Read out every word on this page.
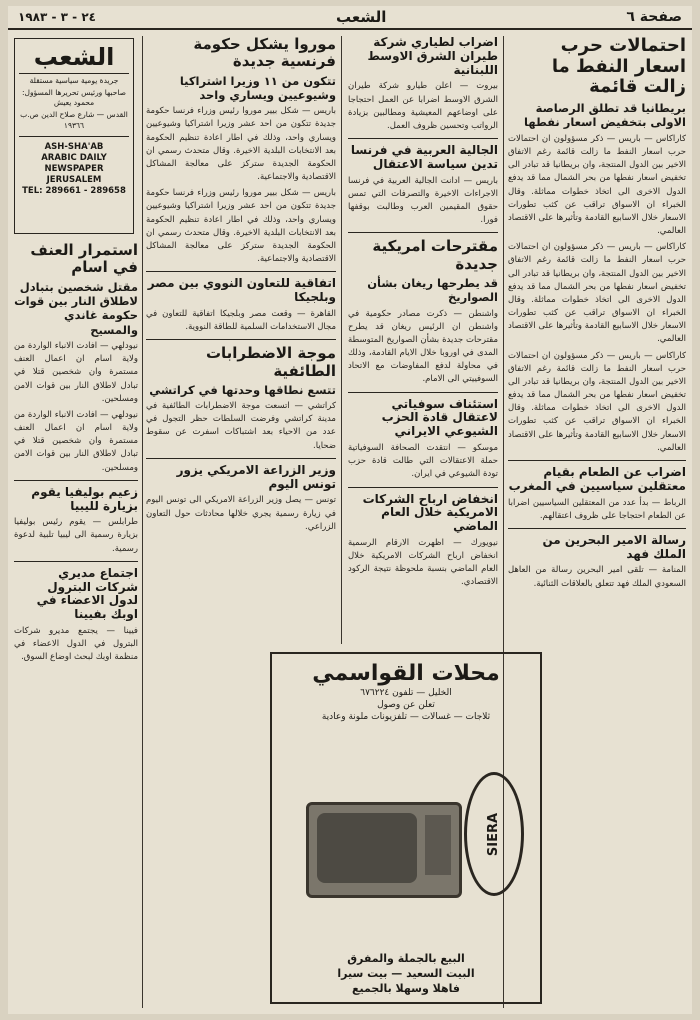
صفحة ٦
الشعب
٢٤ - ٣ - ١٩٨٣
احتمالات حرب اسعار النفط ما زالت قائمة

بريطانيا قد تطلق الرصاصة الاولى بتخفيض اسعار نفطها

كاراكاس — باريس — ذكر مسؤولون ان احتمالات حرب اسعار النفط ما زالت قائمة رغم الاتفاق الاخير بين الدول المنتجة، وان بريطانيا قد تبادر الى تخفيض اسعار نفطها من بحر الشمال مما قد يدفع الدول الاخرى الى اتخاذ خطوات مماثلة. وقال الخبراء ان الاسواق تراقب عن كثب تطورات الاسعار خلال الاسابيع القادمة وتأثيرها على الاقتصاد العالمي.

كاراكاس — باريس — ذكر مسؤولون ان احتمالات حرب اسعار النفط ما زالت قائمة رغم الاتفاق الاخير بين الدول المنتجة، وان بريطانيا قد تبادر الى تخفيض اسعار نفطها من بحر الشمال مما قد يدفع الدول الاخرى الى اتخاذ خطوات مماثلة. وقال الخبراء ان الاسواق تراقب عن كثب تطورات الاسعار خلال الاسابيع القادمة وتأثيرها على الاقتصاد العالمي.

كاراكاس — باريس — ذكر مسؤولون ان احتمالات حرب اسعار النفط ما زالت قائمة رغم الاتفاق الاخير بين الدول المنتجة، وان بريطانيا قد تبادر الى تخفيض اسعار نفطها من بحر الشمال مما قد يدفع الدول الاخرى الى اتخاذ خطوات مماثلة. وقال الخبراء ان الاسواق تراقب عن كثب تطورات الاسعار خلال الاسابيع القادمة وتأثيرها على الاقتصاد العالمي.

اضراب عن الطعام بقيام معتقلين سياسيين في المغرب

الرباط — بدأ عدد من المعتقلين السياسيين اضرابا عن الطعام احتجاجا على ظروف اعتقالهم.

رسالة الامير البحرين من الملك فهد

المنامة — تلقى امير البحرين رسالة من العاهل السعودي الملك فهد تتعلق بالعلاقات الثنائية.

اضراب لطياري شركة طيران الشرق الاوسط اللبنانية

بيروت — اعلن طيارو شركة طيران الشرق الاوسط اضرابا عن العمل احتجاجا على اوضاعهم المعيشية ومطالبين بزيادة الرواتب وتحسين ظروف العمل.

الجالية العربية في فرنسا تدين سياسة الاعتقال

باريس — ادانت الجالية العربية في فرنسا الاجراءات الاخيرة والتصرفات التي تمس حقوق المقيمين العرب وطالبت بوقفها فورا.

مقترحات امريكية جديدة

قد يطرحها ريغان بشأن الصواريخ

واشنطن — ذكرت مصادر حكومية في واشنطن ان الرئيس ريغان قد يطرح مقترحات جديدة بشأن الصواريخ المتوسطة المدى في اوروبا خلال الايام القادمة، وذلك في محاولة لدفع المفاوضات مع الاتحاد السوفييتي الى الامام.

استئناف سوفياتي لاعتقال قادة الحزب الشيوعي الايراني

موسكو — انتقدت الصحافة السوفياتية حملة الاعتقالات التي طالت قادة حزب تودة الشيوعي في ايران.

انخفاض ارباح الشركات الامريكية خلال العام الماضي

نيويورك — اظهرت الارقام الرسمية انخفاض ارباح الشركات الامريكية خلال العام الماضي بنسبة ملحوظة نتيجة الركود الاقتصادي.

موروا يشكل حكومة فرنسية جديدة

تتكون من ١١ وزيرا اشتراكيا وشيوعيين ويساري واحد

باريس — شكل بيير موروا رئيس وزراء فرنسا حكومة جديدة تتكون من احد عشر وزيرا اشتراكيا وشيوعيين ويساري واحد، وذلك في اطار اعادة تنظيم الحكومة بعد الانتخابات البلدية الاخيرة. وقال متحدث رسمي ان الحكومة الجديدة ستركز على معالجة المشاكل الاقتصادية والاجتماعية.

باريس — شكل بيير موروا رئيس وزراء فرنسا حكومة جديدة تتكون من احد عشر وزيرا اشتراكيا وشيوعيين ويساري واحد، وذلك في اطار اعادة تنظيم الحكومة بعد الانتخابات البلدية الاخيرة. وقال متحدث رسمي ان الحكومة الجديدة ستركز على معالجة المشاكل الاقتصادية والاجتماعية.

اتفاقية للتعاون النووي بين مصر وبلجيكا

القاهرة — وقعت مصر وبلجيكا اتفاقية للتعاون في مجال الاستخدامات السلمية للطاقة النووية.

موجة الاضطرابات الطائفية

تتسع نطاقها وحدتها في كراتشي

كراتشي — اتسعت موجة الاضطرابات الطائفية في مدينة كراتشي وفرضت السلطات حظر التجول في عدد من الاحياء بعد اشتباكات اسفرت عن سقوط ضحايا.

وزير الزراعة الامريكي يزور تونس اليوم

تونس — يصل وزير الزراعة الامريكي الى تونس اليوم في زيارة رسمية يجري خلالها محادثات حول التعاون الزراعي.

الشعب
جريدة يومية سياسية مستقلة
صاحبها ورئيس تحريرها المسؤول: محمود يعيش
القدس — شارع صلاح الدين ص.ب ١٩٣٦٦
ASH-SHA'AB
ARABIC DAILY
NEWSPAPER
JERUSALEM
TEL: 289661 - 289658
استمرار العنف في اسام

مقتل شخصين بتبادل لاطلاق النار بين قوات حكومة غاندي والمسيح

نيودلهي — افادت الانباء الواردة من ولاية اسام ان اعمال العنف مستمرة وان شخصين قتلا في تبادل لاطلاق النار بين قوات الامن ومسلحين.

نيودلهي — افادت الانباء الواردة من ولاية اسام ان اعمال العنف مستمرة وان شخصين قتلا في تبادل لاطلاق النار بين قوات الامن ومسلحين.

زعيم بوليفيا يقوم بزيارة لليبيا

طرابلس — يقوم رئيس بوليفيا بزيارة رسمية الى ليبيا تلبية لدعوة رسمية.

اجتماع مديري شركات البترول لدول الاعضاء في اوبك بفيينا

فيينا — يجتمع مديرو شركات البترول في الدول الاعضاء في منظمة اوبك لبحث اوضاع السوق.

محلات القواسمي
الخليل — تلفون ٦٧٦٢٢٤
تعلن عن وصول
ثلاجات — غسالات — تلفزيونات ملونة وعادية
SIERA
البيع بالجملة والمفرق
البيت السعيد — بيت سيرا
فاهلا وسهلا بالجميع
